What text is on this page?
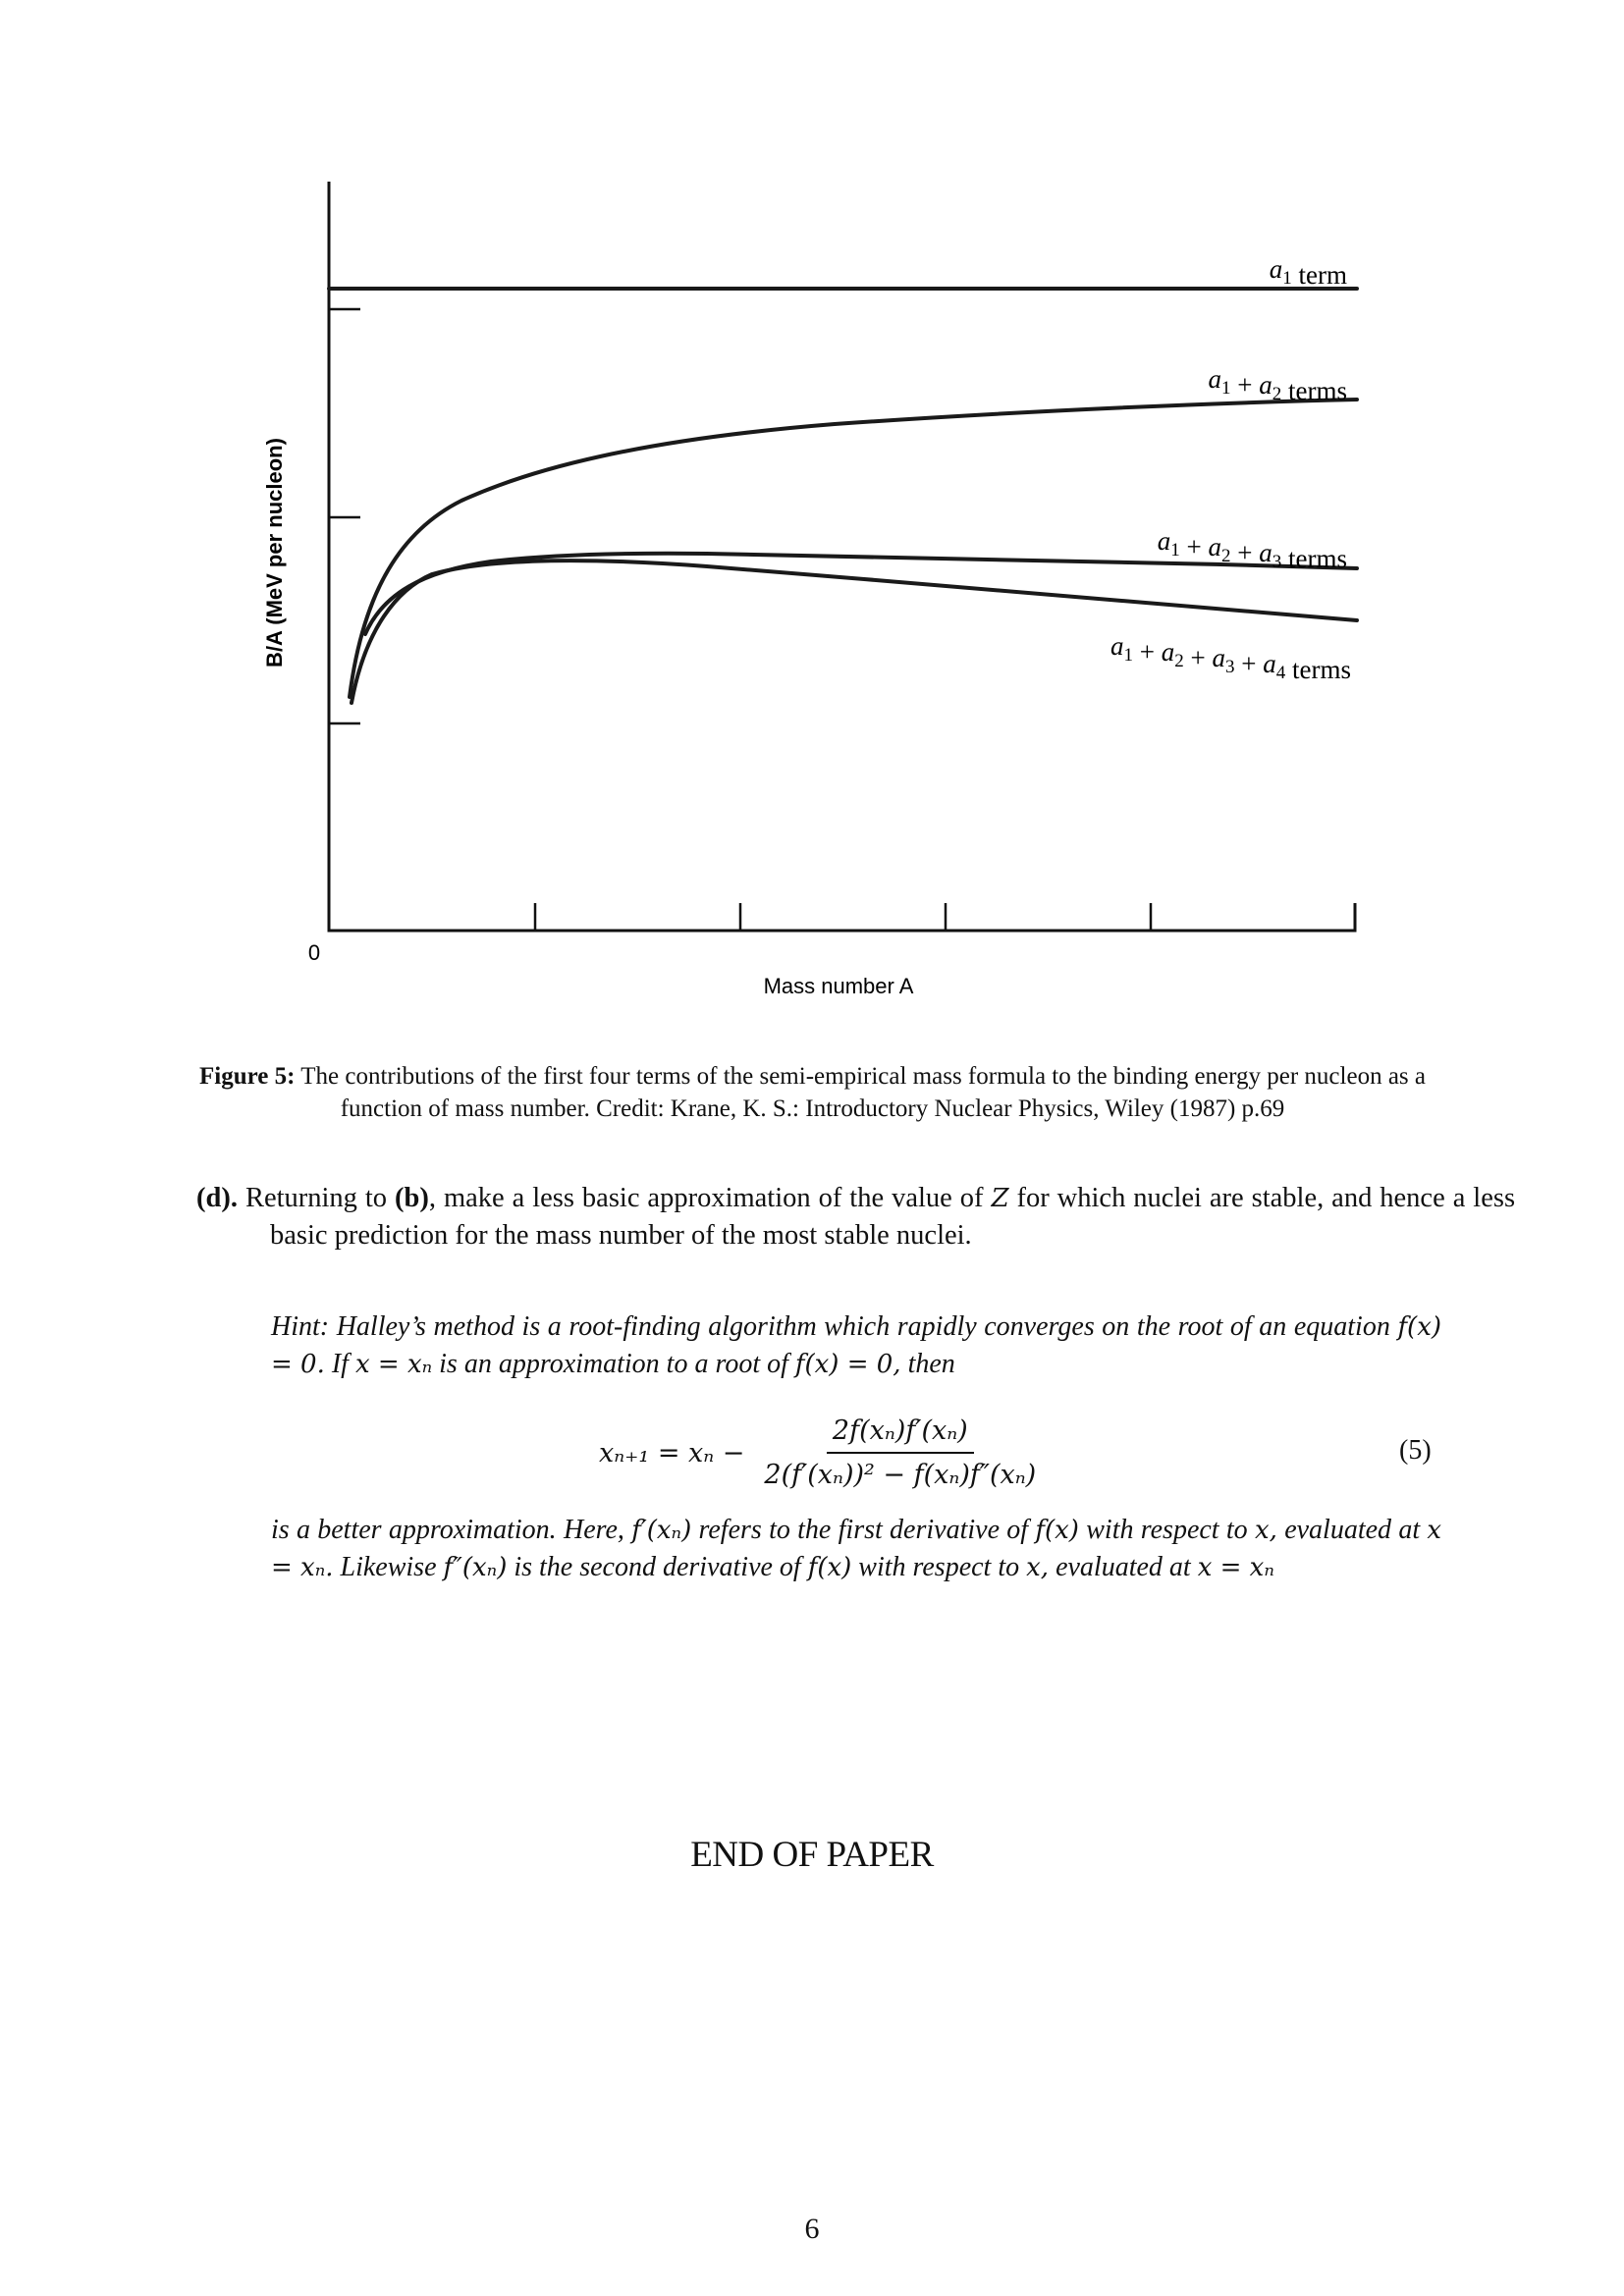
0
Mass number A
B/A (MeV per nucleon)
$a_1$ term
$a_1 + a_2$ terms
$a_1 + a_2 + a_3$ terms
$a_1 + a_2 + a_3 + a_4$ terms
Figure 5: The contributions of the first four terms of the semi-empirical mass formula to the binding energy per nucleon as a function of mass number. Credit: Krane, K. S.: Introductory Nuclear Physics, Wiley (1987) p.69
(d). Returning to (b), make a less basic approximation of the value of Z for which nuclei are stable, and hence a less basic prediction for the mass number of the most stable nuclei.
Hint: Halley’s method is a root-finding algorithm which rapidly converges on the root of an equation f(x) = 0. If x = xₙ is an approximation to a root of f(x) = 0, then
$x_{n+1} = x_n - \frac{\text{2f(xₙ)f′(xₙ)}}{\text{2(f′(xₙ))² − f(xₙ)f″(xₙ)}}$	(5)
is a better approximation. Here, f′(xₙ) refers to the first derivative of f(x) with respect to x, evaluated at x = xₙ. Likewise f″(xₙ) is the second derivative of f(x) with respect to x, evaluated at x = xₙ
END OF PAPER
6
